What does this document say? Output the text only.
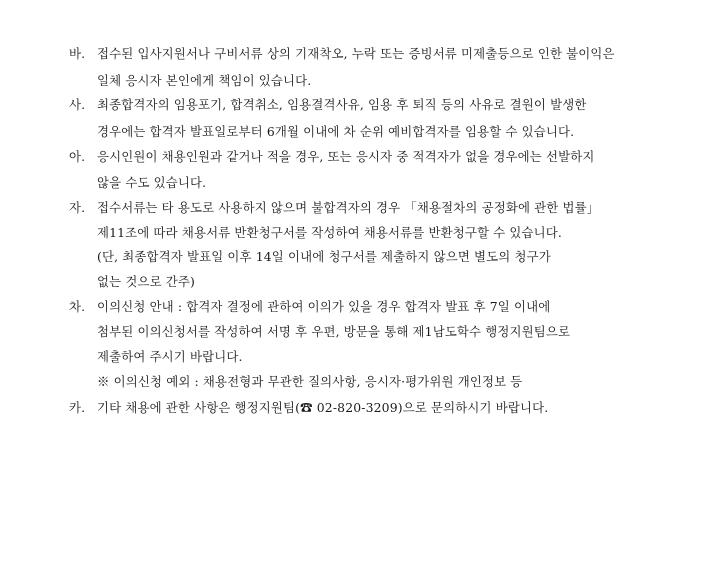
바. 접수된 입사지원서나 구비서류 상의 기재착오, 누락 또는 증빙서류 미제출등으로 인한 불이익은
일체 응시자 본인에게 책임이 있습니다.
사. 최종합격자의 임용포기, 합격취소, 임용결격사유, 임용 후 퇴직 등의 사유로 결원이 발생한
경우에는 합격자 발표일로부터 6개월 이내에 차 순위 예비합격자를 임용할 수 있습니다.
아. 응시인원이 채용인원과 같거나 적을 경우, 또는 응시자 중 적격자가 없을 경우에는 선발하지
않을 수도 있습니다.
자. 접수서류는 타 용도로 사용하지 않으며 불합격자의 경우 「채용절차의 공정화에 관한 법률」
제11조에 따라 채용서류 반환청구서를 작성하여 채용서류를 반환청구할 수 있습니다.
(단, 최종합격자 발표일 이후 14일 이내에 청구서를 제출하지 않으면 별도의 청구가
없는 것으로 간주)
차. 이의신청 안내 : 합격자 결정에 관하여 이의가 있을 경우 합격자 발표 후 7일 이내에
첨부된 이의신청서를 작성하여 서명 후 우편, 방문을 통해 제1남도학수 행정지원팀으로
제출하여 주시기 바랍니다.
※ 이의신청 예외 : 채용전형과 무관한 질의사항, 응시자·평가위원 개인정보 등
카. 기타 채용에 관한 사항은 행정지원팀(☎ 02-820-3209)으로 문의하시기 바랍니다.
